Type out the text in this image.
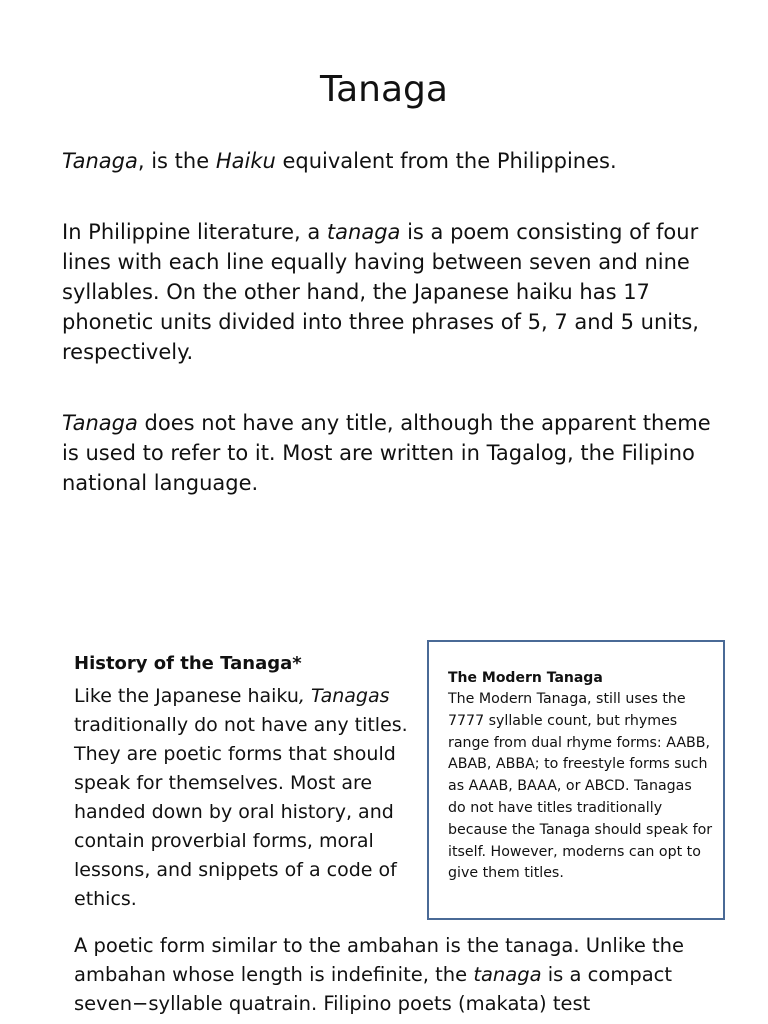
Tanaga

Tanaga, is the Haiku equivalent from the Philippines.

In Philippine literature, a tanaga is a poem consisting of four lines with each line equally having between seven and nine syllables. On the other hand, the Japanese haiku has 17 phonetic units divided into three phrases of 5, 7 and 5 units, respectively.

Tanaga does not have any title, although the apparent theme is used to refer to it. Most are written in Tagalog, the Filipino national language.

History of the Tanaga*

Like the Japanese haiku, Tanagas traditionally do not have any titles. They are poetic forms that should speak for themselves. Most are handed down by oral history, and contain proverbial forms, moral lessons, and snippets of a code of ethics.

The Modern Tanaga

The Modern Tanaga, still uses the 7777 syllable count, but rhymes range from dual rhyme forms: AABB, ABAB, ABBA; to freestyle forms such as AAAB, BAAA, or ABCD. Tanagas do not have titles traditionally because the Tanaga should speak for itself. However, moderns can opt to give them titles.

A poetic form similar to the ambahan is the tanaga. Unlike the ambahan whose length is indefinite, the tanaga is a compact seven−syllable quatrain. Filipino poets (makata) test
